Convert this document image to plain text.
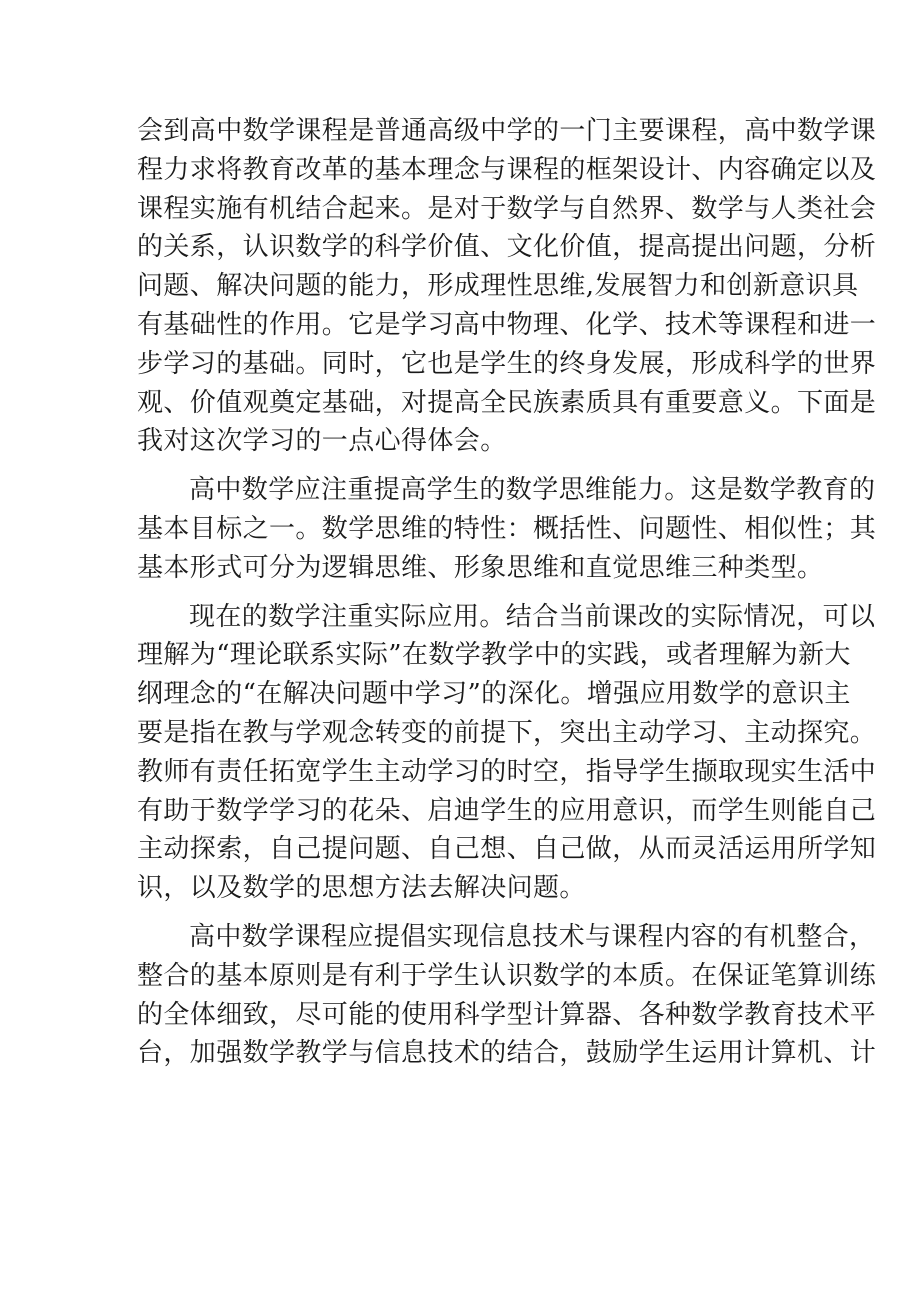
会到高中数学课程是普通高级中学的一门主要课程，高中数学课
程力求将教育改革的基本理念与课程的框架设计、内容确定以及
课程实施有机结合起来。是对于数学与自然界、数学与人类社会
的关系，认识数学的科学价值、文化价值，提高提出问题，分析
问题、解决问题的能力，形成理性思维,发展智力和创新意识具
有基础性的作用。它是学习高中物理、化学、技术等课程和进一
步学习的基础。同时，它也是学生的终身发展，形成科学的世界
观、价值观奠定基础，对提高全民族素质具有重要意义。下面是
我对这次学习的一点心得体会。
高中数学应注重提高学生的数学思维能力。这是数学教育的
基本目标之一。数学思维的特性：概括性、问题性、相似性；其
基本形式可分为逻辑思维、形象思维和直觉思维三种类型。
现在的数学注重实际应用。结合当前课改的实际情况，可以
理解为“理论联系实际”在数学教学中的实践，或者理解为新大
纲理念的“在解决问题中学习”的深化。增强应用数学的意识主
要是指在教与学观念转变的前提下，突出主动学习、主动探究。
教师有责任拓宽学生主动学习的时空，指导学生撷取现实生活中
有助于数学学习的花朵、启迪学生的应用意识，而学生则能自己
主动探索，自己提问题、自己想、自己做，从而灵活运用所学知
识，以及数学的思想方法去解决问题。
高中数学课程应提倡实现信息技术与课程内容的有机整合，
整合的基本原则是有利于学生认识数学的本质。在保证笔算训练
的全体细致，尽可能的使用科学型计算器、各种数学教育技术平
台，加强数学教学与信息技术的结合，鼓励学生运用计算机、计
